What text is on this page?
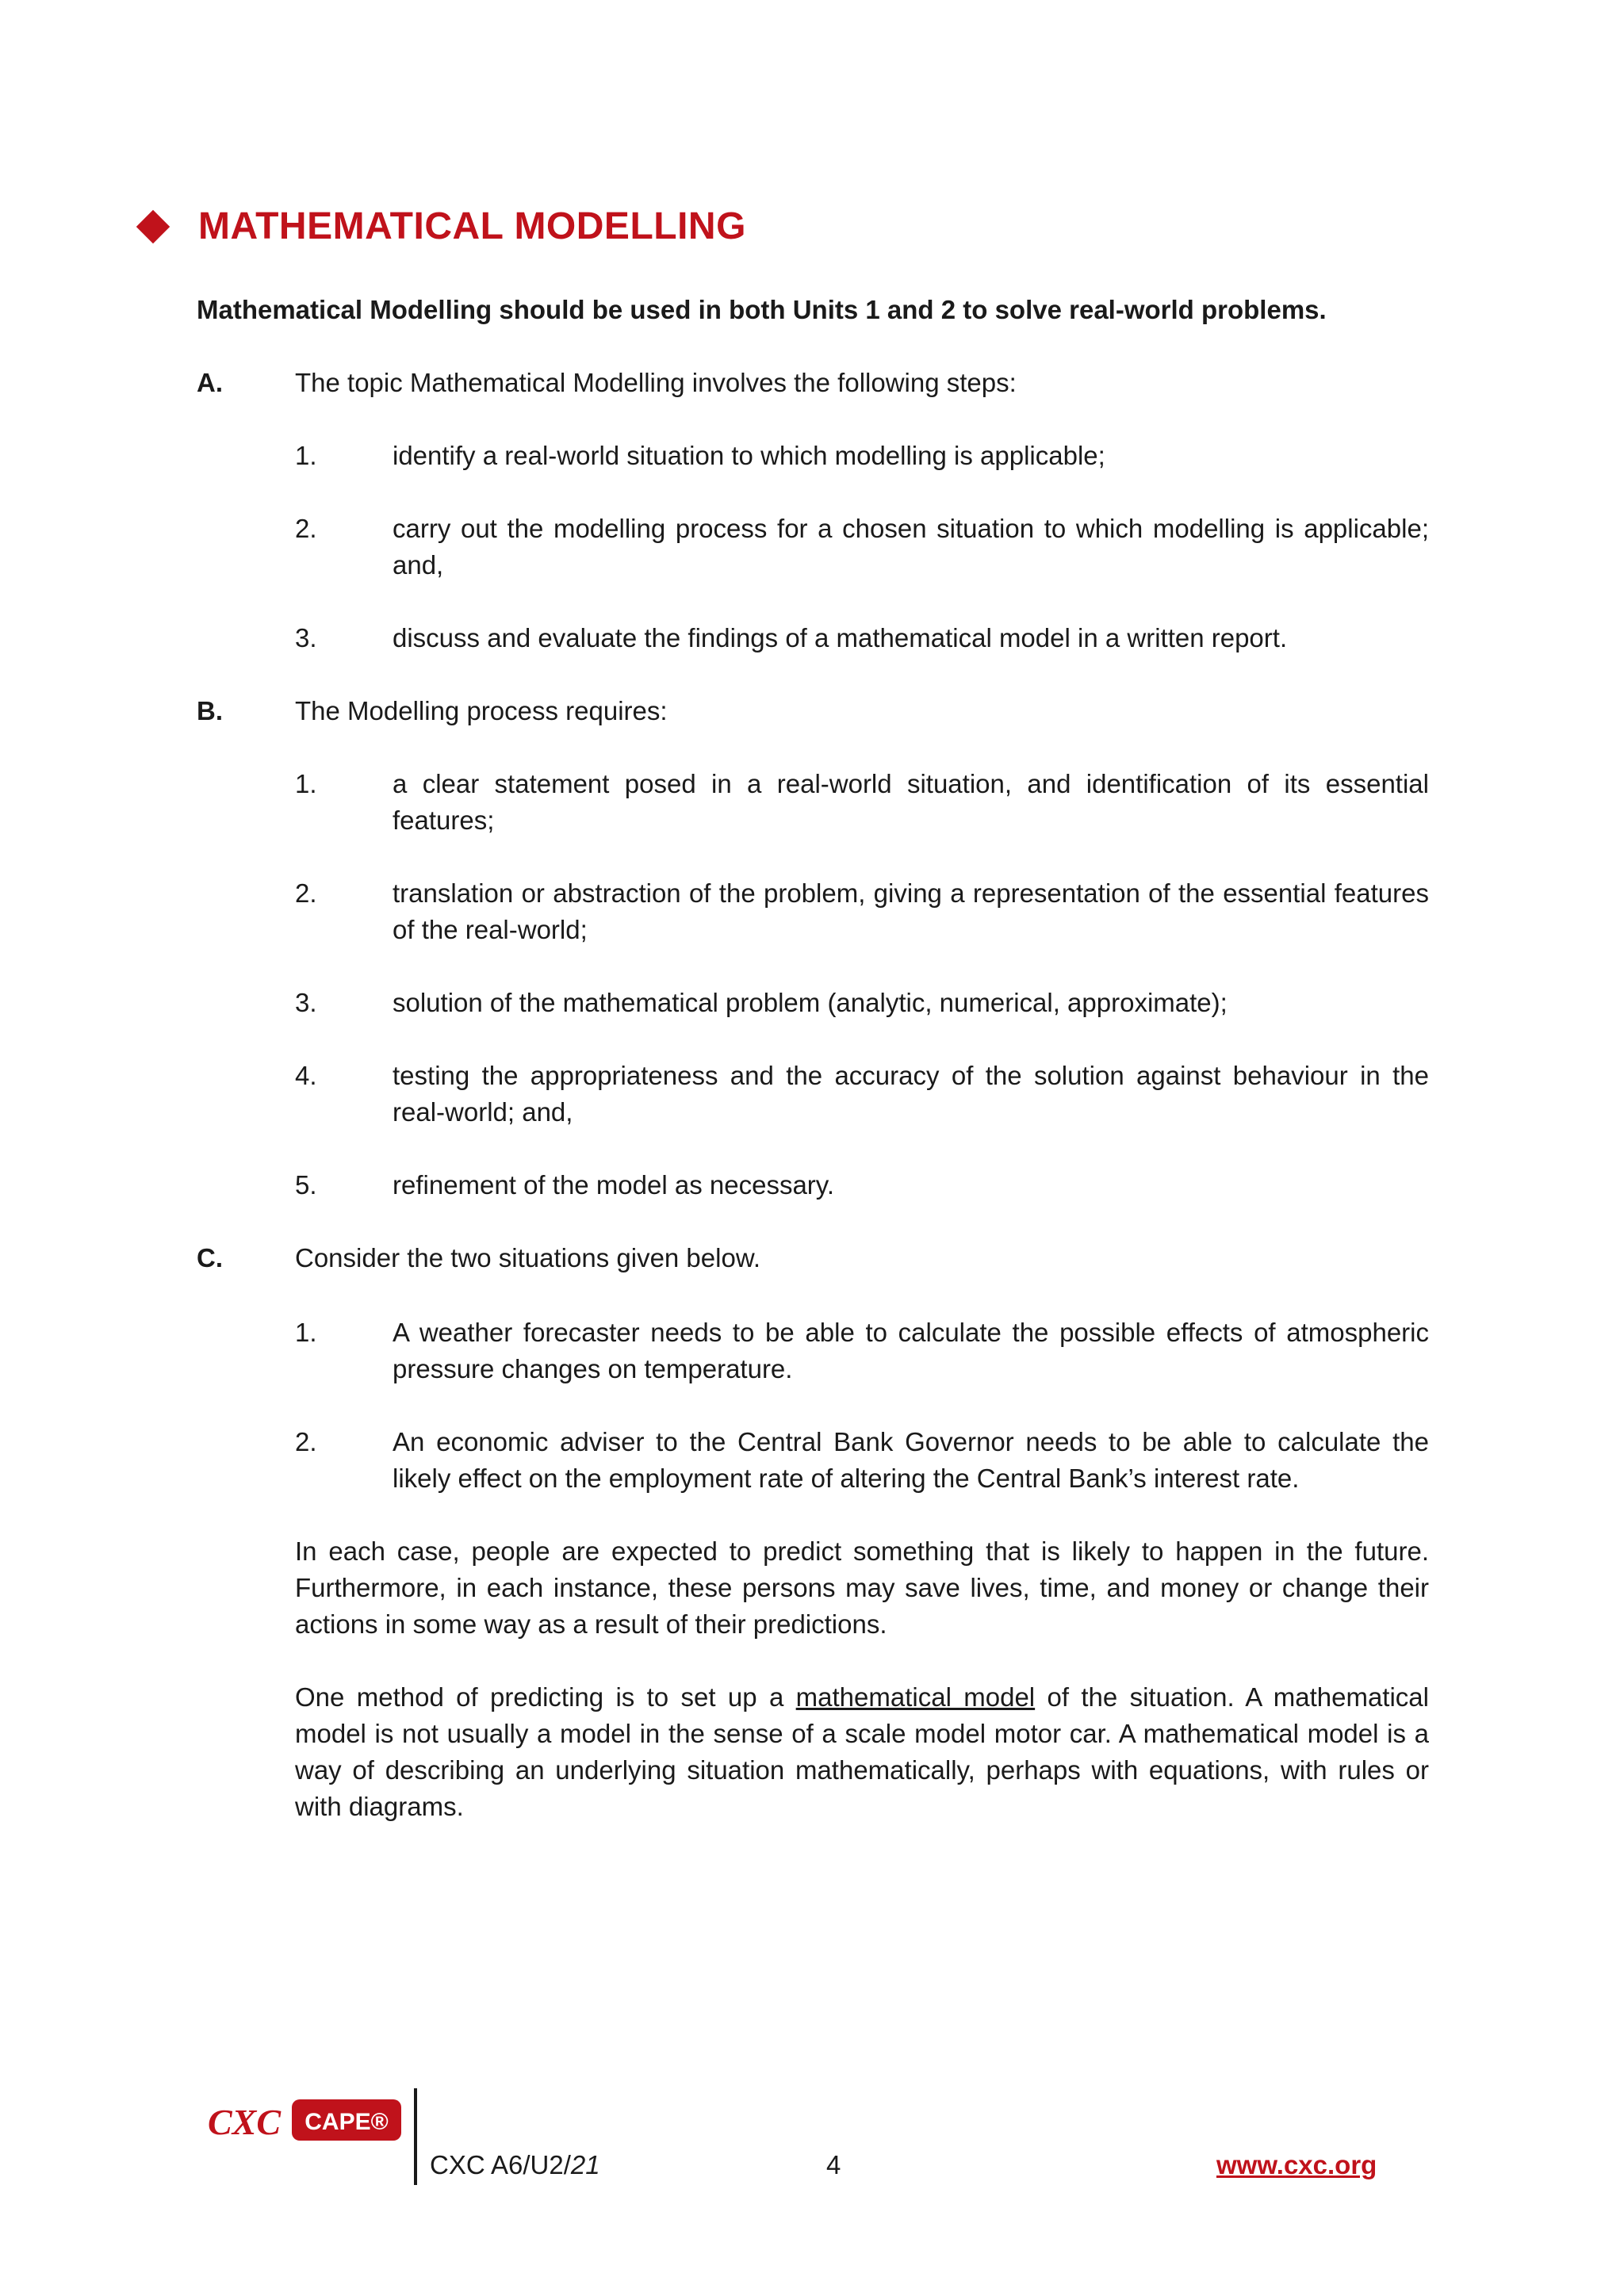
MATHEMATICAL MODELLING
Mathematical Modelling should be used in both Units 1 and 2 to solve real-world problems.
A.	The topic Mathematical Modelling involves the following steps:
1.	identify a real-world situation to which modelling is applicable;
2.	carry out the modelling process for a chosen situation to which modelling is applicable; and,
3.	discuss and evaluate the findings of a mathematical model in a written report.
B.	The Modelling process requires:
1.	a clear statement posed in a real-world situation, and identification of its essential features;
2.	translation or abstraction of the problem, giving a representation of the essential features of the real-world;
3.	solution of the mathematical problem (analytic, numerical, approximate);
4.	testing the appropriateness and the accuracy of the solution against behaviour in the real-world; and,
5.	refinement of the model as necessary.
C.	Consider the two situations given below.
1.	A weather forecaster needs to be able to calculate the possible effects of atmospheric pressure changes on temperature.
2.	An economic adviser to the Central Bank Governor needs to be able to calculate the likely effect on the employment rate of altering the Central Bank’s interest rate.
In each case, people are expected to predict something that is likely to happen in the future. Furthermore, in each instance, these persons may save lives, time, and money or change their actions in some way as a result of their predictions.
One method of predicting is to set up a mathematical model of the situation. A mathematical model is not usually a model in the sense of a scale model motor car. A mathematical model is a way of describing an underlying situation mathematically, perhaps with equations, with rules or with diagrams.
CXC CAPE®
CXC A6/U2/21	4	www.cxc.org
